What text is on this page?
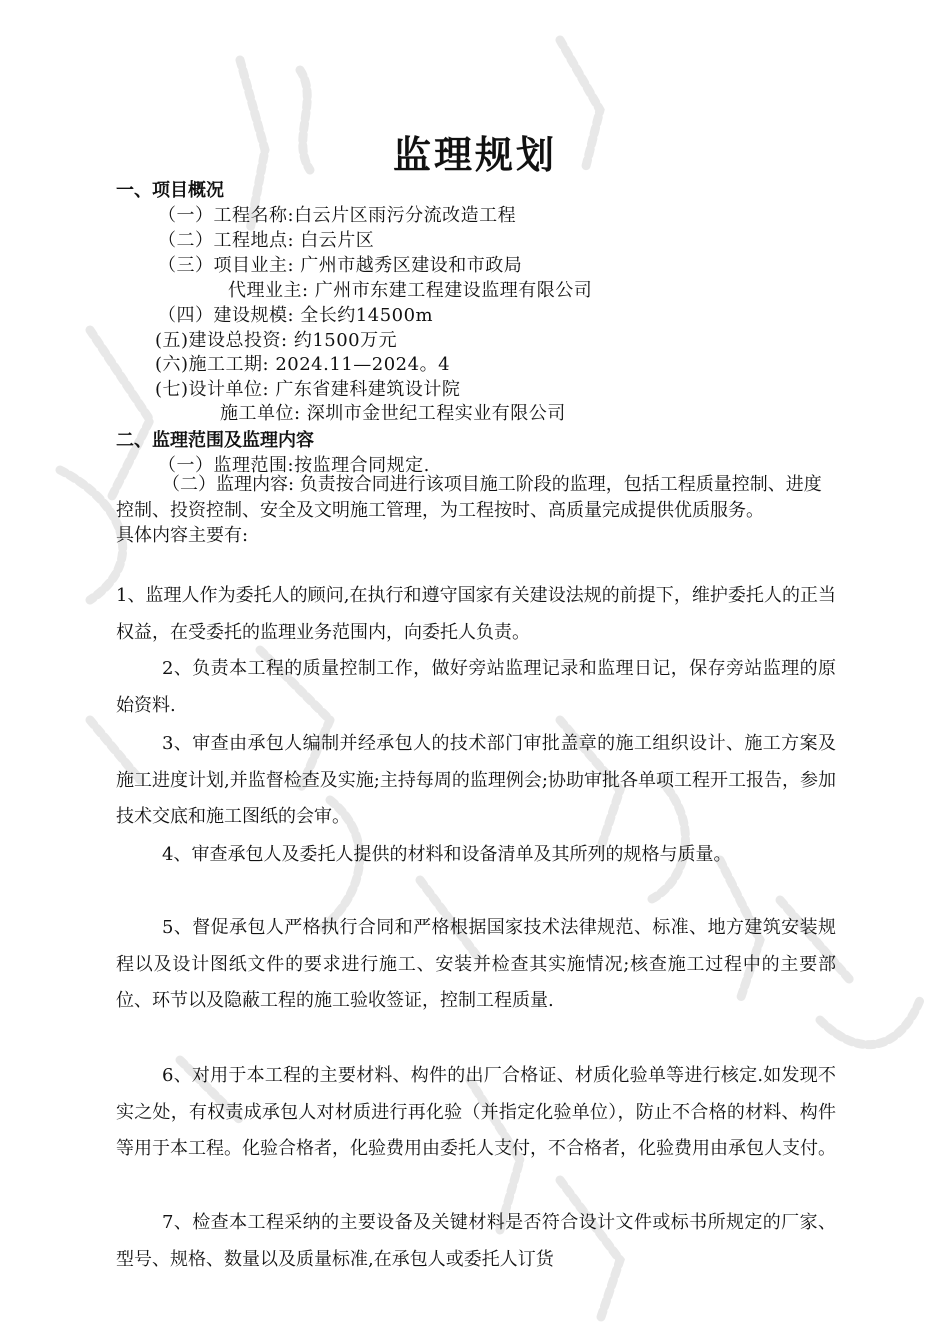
监理规划
一、项目概况
（一）工程名称:白云片区雨污分流改造工程
（二）工程地点: 白云片区
（三）项目业主: 广州市越秀区建设和市政局
代理业主: 广州市东建工程建设监理有限公司
（四）建设规模: 全长约14500m
(五)建设总投资: 约1500万元
(六)施工工期: 2024.11—2024。4
(七)设计单位: 广东省建科建筑设计院
施工单位: 深圳市金世纪工程实业有限公司
二、监理范围及监理内容
（一）监理范围:按监理合同规定.
（二）监理内容: 负责按合同进行该项目施工阶段的监理，包括工程质量控制、进度控制、投资控制、安全及文明施工管理，为工程按时、高质量完成提供优质服务。
具体内容主要有:
1、监理人作为委托人的顾问,在执行和遵守国家有关建设法规的前提下，维护委托人的正当权益，在受委托的监理业务范围内，向委托人负责。
2、负责本工程的质量控制工作，做好旁站监理记录和监理日记，保存旁站监理的原始资料.
3、审查由承包人编制并经承包人的技术部门审批盖章的施工组织设计、施工方案及施工进度计划,并监督检查及实施;主持每周的监理例会;协助审批各单项工程开工报告，参加技术交底和施工图纸的会审。
4、审查承包人及委托人提供的材料和设备清单及其所列的规格与质量。
5、督促承包人严格执行合同和严格根据国家技术法律规范、标准、地方建筑安装规程以及设计图纸文件的要求进行施工、安装并检查其实施情况;核查施工过程中的主要部位、环节以及隐蔽工程的施工验收签证，控制工程质量.
6、对用于本工程的主要材料、构件的出厂合格证、材质化验单等进行核定.如发现不实之处，有权责成承包人对材质进行再化验（并指定化验单位），防止不合格的材料、构件等用于本工程。化验合格者，化验费用由委托人支付，不合格者，化验费用由承包人支付。
7、检查本工程采纳的主要设备及关键材料是否符合设计文件或标书所规定的厂家、型号、规格、数量以及质量标准,在承包人或委托人订货
